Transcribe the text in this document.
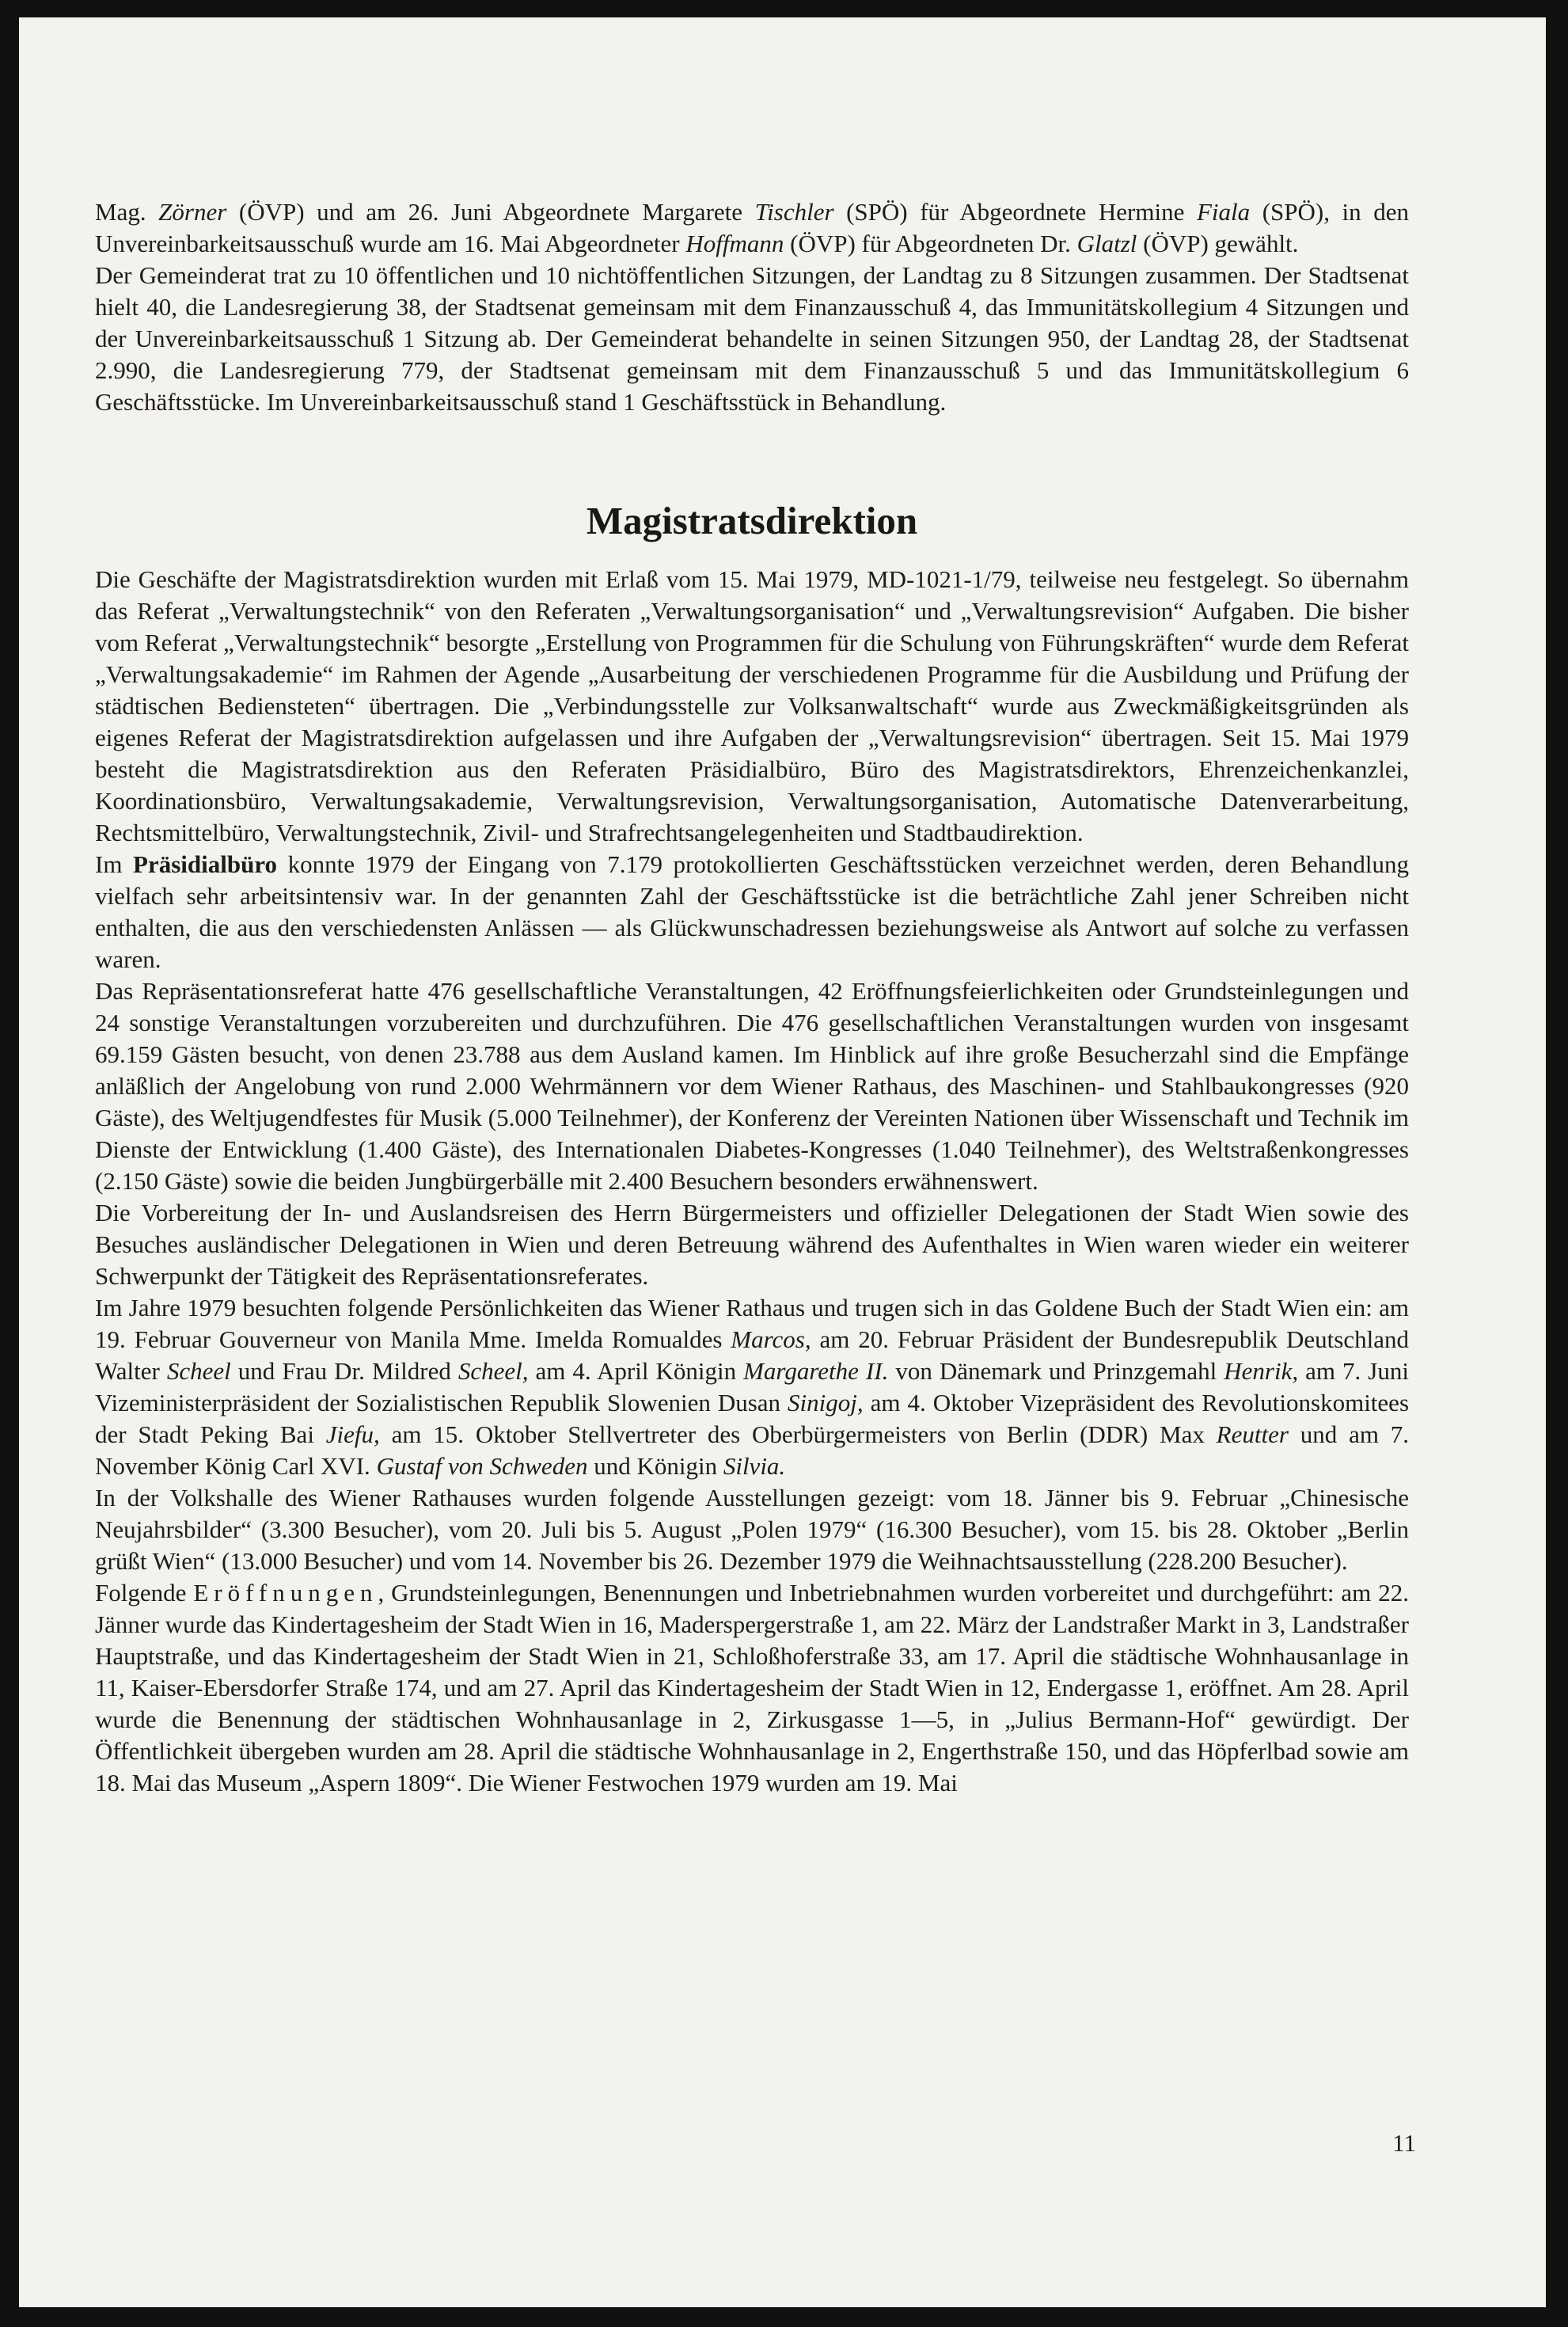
Mag. Zörner (ÖVP) und am 26. Juni Abgeordnete Margarete Tischler (SPÖ) für Abgeordnete Hermine Fiala (SPÖ), in den Unvereinbarkeitsausschuß wurde am 16. Mai Abgeordneter Hoffmann (ÖVP) für Abgeordneten Dr. Glatzl (ÖVP) gewählt.

Der Gemeinderat trat zu 10 öffentlichen und 10 nichtöffentlichen Sitzungen, der Landtag zu 8 Sitzungen zusammen. Der Stadtsenat hielt 40, die Landesregierung 38, der Stadtsenat gemeinsam mit dem Finanzausschuß 4, das Immunitätskollegium 4 Sitzungen und der Unvereinbarkeitsausschuß 1 Sitzung ab. Der Gemeinderat behandelte in seinen Sitzungen 950, der Landtag 28, der Stadtsenat 2.990, die Landesregierung 779, der Stadtsenat gemeinsam mit dem Finanzausschuß 5 und das Immunitätskollegium 6 Geschäftsstücke. Im Unvereinbarkeitsausschuß stand 1 Geschäftsstück in Behandlung.

Magistratsdirektion

Die Geschäfte der Magistratsdirektion wurden mit Erlaß vom 15. Mai 1979, MD-1021-1/79, teilweise neu festgelegt. So übernahm das Referat „Verwaltungstechnik“ von den Referaten „Verwaltungsorganisation“ und „Verwaltungsrevision“ Aufgaben. Die bisher vom Referat „Verwaltungstechnik“ besorgte „Erstellung von Programmen für die Schulung von Führungskräften“ wurde dem Referat „Verwaltungsakademie“ im Rahmen der Agende „Ausarbeitung der verschiedenen Programme für die Ausbildung und Prüfung der städtischen Bediensteten“ übertragen. Die „Verbindungsstelle zur Volksanwaltschaft“ wurde aus Zweckmäßigkeitsgründen als eigenes Referat der Magistratsdirektion aufgelassen und ihre Aufgaben der „Verwaltungsrevision“ übertragen. Seit 15. Mai 1979 besteht die Magistratsdirektion aus den Referaten Präsidialbüro, Büro des Magistratsdirektors, Ehrenzeichenkanzlei, Koordinationsbüro, Verwaltungsakademie, Verwaltungsrevision, Verwaltungsorganisation, Automatische Datenverarbeitung, Rechtsmittelbüro, Verwaltungstechnik, Zivil- und Strafrechtsangelegenheiten und Stadtbaudirektion.

Im Präsidialbüro konnte 1979 der Eingang von 7.179 protokollierten Geschäftsstücken verzeichnet werden, deren Behandlung vielfach sehr arbeitsintensiv war. In der genannten Zahl der Geschäftsstücke ist die beträchtliche Zahl jener Schreiben nicht enthalten, die aus den verschiedensten Anlässen — als Glückwunschadressen beziehungsweise als Antwort auf solche zu verfassen waren.

Das Repräsentationsreferat hatte 476 gesellschaftliche Veranstaltungen, 42 Eröffnungsfeierlichkeiten oder Grundsteinlegungen und 24 sonstige Veranstaltungen vorzubereiten und durchzuführen. Die 476 gesellschaftlichen Veranstaltungen wurden von insgesamt 69.159 Gästen besucht, von denen 23.788 aus dem Ausland kamen. Im Hinblick auf ihre große Besucherzahl sind die Empfänge anläßlich der Angelobung von rund 2.000 Wehrmännern vor dem Wiener Rathaus, des Maschinen- und Stahlbaukongresses (920 Gäste), des Weltjugendfestes für Musik (5.000 Teilnehmer), der Konferenz der Vereinten Nationen über Wissenschaft und Technik im Dienste der Entwicklung (1.400 Gäste), des Internationalen Diabetes-Kongresses (1.040 Teilnehmer), des Weltstraßenkongresses (2.150 Gäste) sowie die beiden Jungbürgerbälle mit 2.400 Besuchern besonders erwähnenswert.

Die Vorbereitung der In- und Auslandsreisen des Herrn Bürgermeisters und offizieller Delegationen der Stadt Wien sowie des Besuches ausländischer Delegationen in Wien und deren Betreuung während des Aufenthaltes in Wien waren wieder ein weiterer Schwerpunkt der Tätigkeit des Repräsentationsreferates.

Im Jahre 1979 besuchten folgende Persönlichkeiten das Wiener Rathaus und trugen sich in das Goldene Buch der Stadt Wien ein: am 19. Februar Gouverneur von Manila Mme. Imelda Romualdes Marcos, am 20. Februar Präsident der Bundesrepublik Deutschland Walter Scheel und Frau Dr. Mildred Scheel, am 4. April Königin Margarethe II. von Dänemark und Prinzgemahl Henrik, am 7. Juni Vizeministerpräsident der Sozialistischen Republik Slowenien Dusan Sinigoj, am 4. Oktober Vizepräsident des Revolutionskomitees der Stadt Peking Bai Jiefu, am 15. Oktober Stellvertreter des Oberbürgermeisters von Berlin (DDR) Max Reutter und am 7. November König Carl XVI. Gustaf von Schweden und Königin Silvia.

In der Volkshalle des Wiener Rathauses wurden folgende Ausstellungen gezeigt: vom 18. Jänner bis 9. Februar „Chinesische Neujahrsbilder“ (3.300 Besucher), vom 20. Juli bis 5. August „Polen 1979“ (16.300 Besucher), vom 15. bis 28. Oktober „Berlin grüßt Wien“ (13.000 Besucher) und vom 14. November bis 26. Dezember 1979 die Weihnachtsausstellung (228.200 Besucher).

Folgende Eröffnungen, Grundsteinlegungen, Benennungen und Inbetriebnahmen wurden vorbereitet und durchgeführt: am 22. Jänner wurde das Kindertagesheim der Stadt Wien in 16, Maderspergerstraße 1, am 22. März der Landstraßer Markt in 3, Landstraßer Hauptstraße, und das Kindertagesheim der Stadt Wien in 21, Schloßhoferstraße 33, am 17. April die städtische Wohnhausanlage in 11, Kaiser-Ebersdorfer Straße 174, und am 27. April das Kindertagesheim der Stadt Wien in 12, Endergasse 1, eröffnet. Am 28. April wurde die Benennung der städtischen Wohnhausanlage in 2, Zirkusgasse 1—5, in „Julius Bermann-Hof“ gewürdigt. Der Öffentlichkeit übergeben wurden am 28. April die städtische Wohnhausanlage in 2, Engerthstraße 150, und das Höpferlbad sowie am 18. Mai das Museum „Aspern 1809“. Die Wiener Festwochen 1979 wurden am 19. Mai

11
